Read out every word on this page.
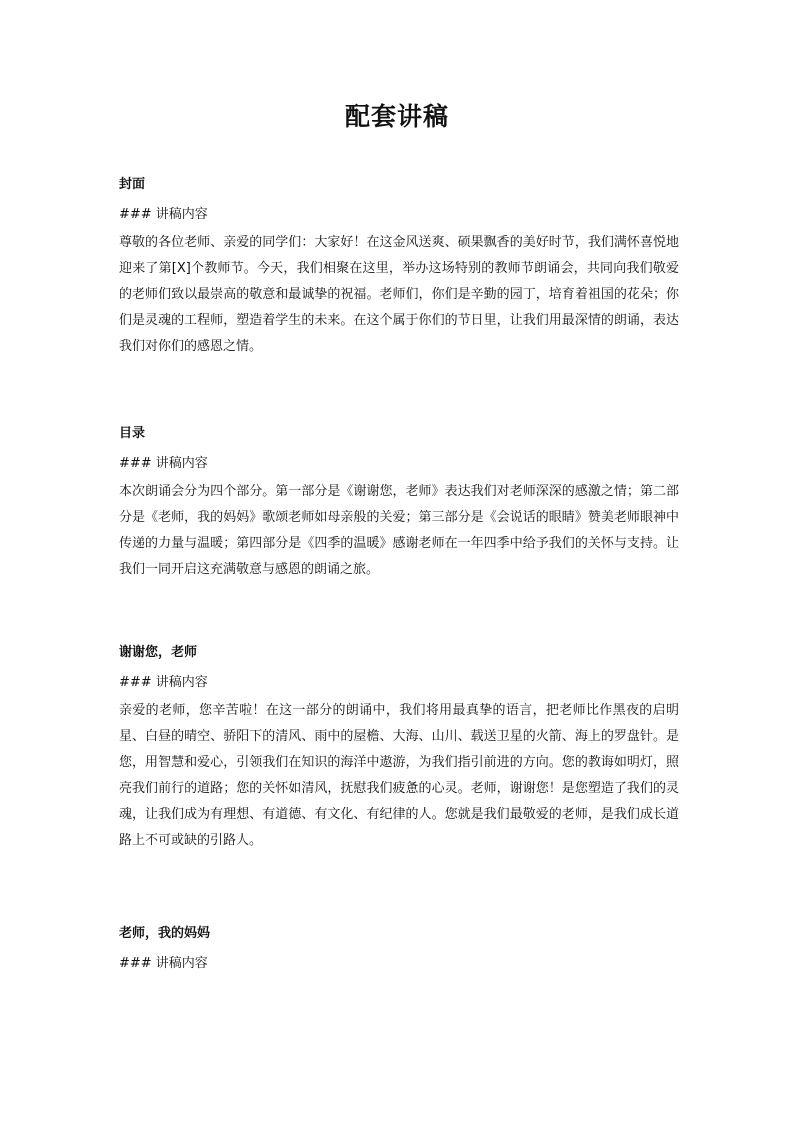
配套讲稿
封面
### 讲稿内容
尊敬的各位老师、亲爱的同学们：大家好！在这金风送爽、硕果飘香的美好时节，我们满怀喜悦地迎来了第[X]个教师节。今天，我们相聚在这里，举办这场特别的教师节朗诵会，共同向我们敬爱的老师们致以最崇高的敬意和最诚挚的祝福。老师们，你们是辛勤的园丁，培育着祖国的花朵；你们是灵魂的工程师，塑造着学生的未来。在这个属于你们的节日里，让我们用最深情的朗诵，表达我们对你们的感恩之情。
目录
### 讲稿内容
本次朗诵会分为四个部分。第一部分是《谢谢您，老师》表达我们对老师深深的感激之情；第二部分是《老师，我的妈妈》歌颂老师如母亲般的关爱；第三部分是《会说话的眼睛》赞美老师眼神中传递的力量与温暖；第四部分是《四季的温暖》感谢老师在一年四季中给予我们的关怀与支持。让我们一同开启这充满敬意与感恩的朗诵之旅。
谢谢您，老师
### 讲稿内容
亲爱的老师，您辛苦啦！在这一部分的朗诵中，我们将用最真挚的语言，把老师比作黑夜的启明星、白昼的晴空、骄阳下的清风、雨中的屋檐、大海、山川、载送卫星的火箭、海上的罗盘针。是您，用智慧和爱心，引领我们在知识的海洋中遨游，为我们指引前进的方向。您的教诲如明灯，照亮我们前行的道路；您的关怀如清风，抚慰我们疲惫的心灵。老师，谢谢您！是您塑造了我们的灵魂，让我们成为有理想、有道德、有文化、有纪律的人。您就是我们最敬爱的老师，是我们成长道路上不可或缺的引路人。
老师，我的妈妈
### 讲稿内容
